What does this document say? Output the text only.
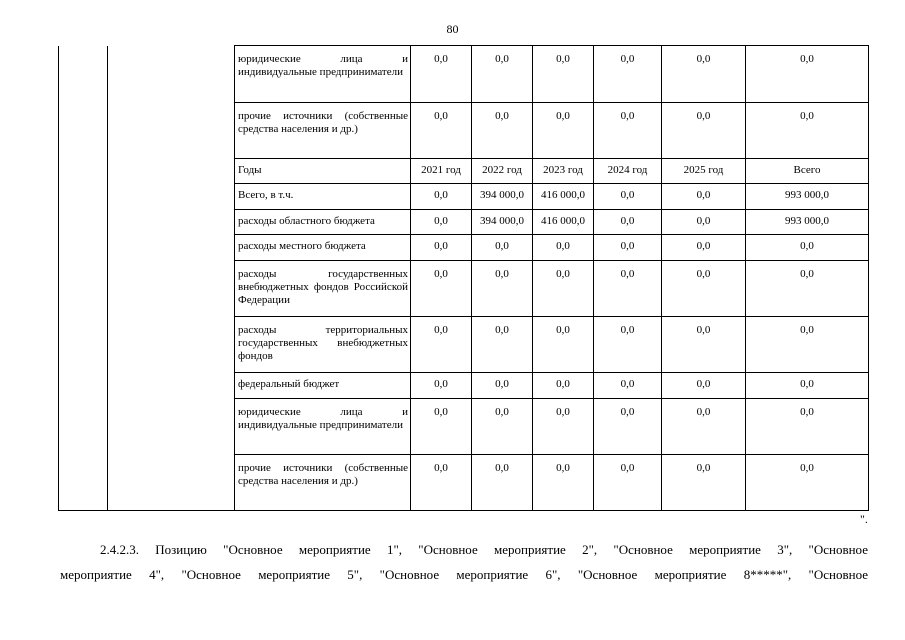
80
		юридические лица и индивидуальные предприниматели	0,0	0,0	0,0	0,0	0,0	0,0
		прочие источники (собственные средства населения и др.)	0,0	0,0	0,0	0,0	0,0	0,0
		Годы	2021 год	2022 год	2023 год	2024 год	2025 год	Всего
		Всего, в т.ч.	0,0	394 000,0	416 000,0	0,0	0,0	993 000,0
		расходы областного бюджета	0,0	394 000,0	416 000,0	0,0	0,0	993 000,0
		расходы местного бюджета	0,0	0,0	0,0	0,0	0,0	0,0
		расходы государственных внебюджетных фондов Российской Федерации	0,0	0,0	0,0	0,0	0,0	0,0
		расходы территориальных государственных внебюджетных фондов	0,0	0,0	0,0	0,0	0,0	0,0
		федеральный бюджет	0,0	0,0	0,0	0,0	0,0	0,0
		юридические лица и индивидуальные предприниматели	0,0	0,0	0,0	0,0	0,0	0,0
		прочие источники (собственные средства населения и др.)	0,0	0,0	0,0	0,0	0,0	0,0
".
2.4.2.3. Позицию "Основное мероприятие 1", "Основное мероприятие 2", "Основное мероприятие 3", "Основное
мероприятие 4", "Основное мероприятие 5", "Основное мероприятие 6", "Основное мероприятие 8*****", "Основное
